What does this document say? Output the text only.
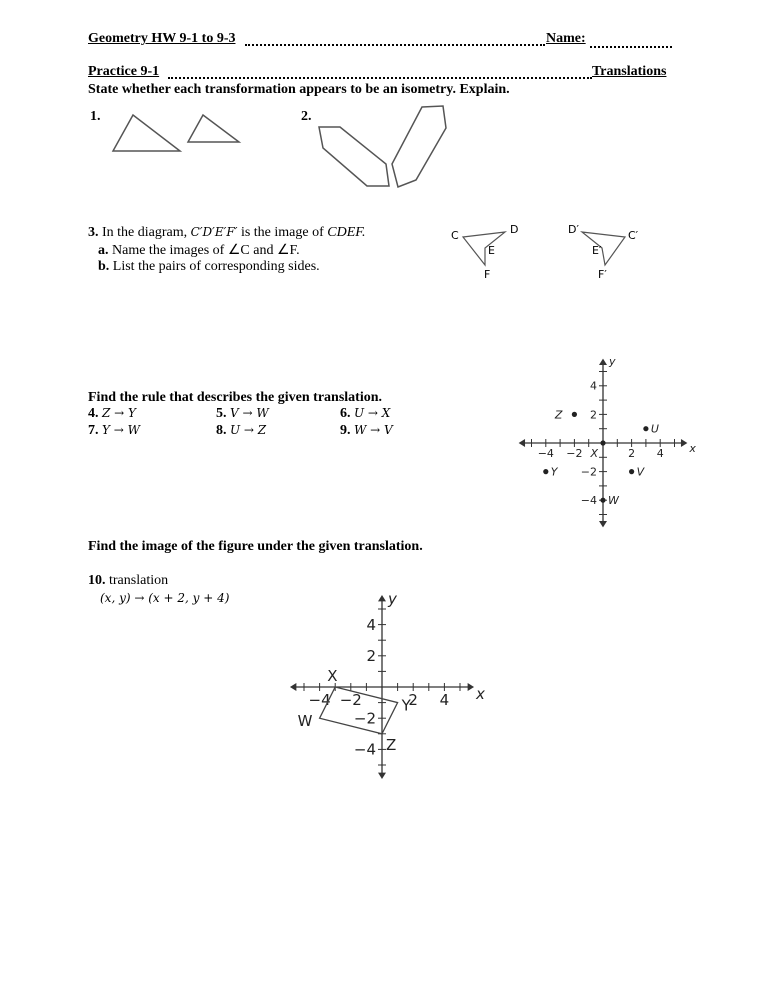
Geometry HW 9-1 to 9-3	Name:
Practice 9-1	Translations
State whether each transformation appears to be an isometry. Explain.
1.	2.
−4 −2	2 4
4
2
−2
−4
x
y
Z
U
X
Y	V
W
−4 −2	2 4
4
2
−2
−4
x
y
X
Y
Z
W
C	D
E
F
D′	C′
E′
F′
3. In the diagram, C′D′E′F′ is the image of CDEF.
a. Name the images of ∠C and ∠F.
b. List the pairs of corresponding sides.
Find the rule that describes the given translation.
4. Z → Y	5. V → W	6. U → X
7. Y → W	8. U → Z	9. W → V
Find the image of the figure under the given translation.
10. translation
(x, y) → (x + 2, y + 4)
